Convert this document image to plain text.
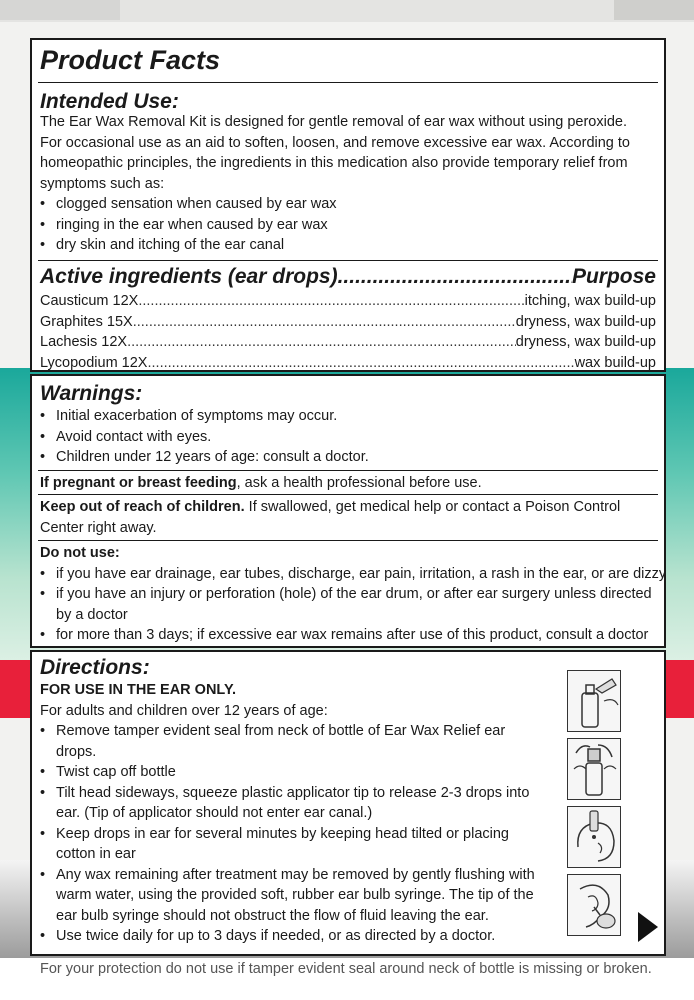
Product Facts
Intended Use:
The Ear Wax Removal Kit is designed for gentle removal of ear wax without using peroxide.
For occasional use as an aid to soften, loosen, and remove excessive ear wax. According to
homeopathic principles, the ingredients in this medication also provide temporary relief from
symptoms such as:
• clogged sensation when caused by ear wax
• ringing in the ear when caused by ear wax
• dry skin and itching of the ear canal
Active ingredients (ear drops) .....	Purpose
Causticum 12X .....	itching, wax build-up
Graphites 15X .....	dryness, wax build-up
Lachesis 12X .....	dryness, wax build-up
Lycopodium 12X .....	wax build-up
Warnings:
• Initial exacerbation of symptoms may occur.
• Avoid contact with eyes.
• Children under 12 years of age: consult a doctor.
If pregnant or breast feeding, ask a health professional before use.
Keep out of reach of children. If swallowed, get medical help or contact a Poison Control
Center right away.
Do not use:
• if you have ear drainage, ear tubes, discharge, ear pain, irritation, a rash in the ear, or are dizzy
• if you have an injury or perforation (hole) of the ear drum, or after ear surgery unless directed
by a doctor
• for more than 3 days; if excessive ear wax remains after use of this product, consult a doctor
Directions:
FOR USE IN THE EAR ONLY.
For adults and children over 12 years of age:
• Remove tamper evident seal from neck of bottle of Ear Wax Relief ear
drops.
• Twist cap off bottle
• Tilt head sideways, squeeze plastic applicator tip to release 2-3 drops into
ear. (Tip of applicator should not enter ear canal.)
• Keep drops in ear for several minutes by keeping head tilted or placing
cotton in ear
• Any wax remaining after treatment may be removed by gently flushing with
warm water, using the provided soft, rubber ear bulb syringe. The tip of the
ear bulb syringe should not obstruct the flow of fluid leaving the ear.
• Use twice daily for up to 3 days if needed, or as directed by a doctor.
For your protection do not use if tamper evident seal around neck of bottle is missing or broken.
